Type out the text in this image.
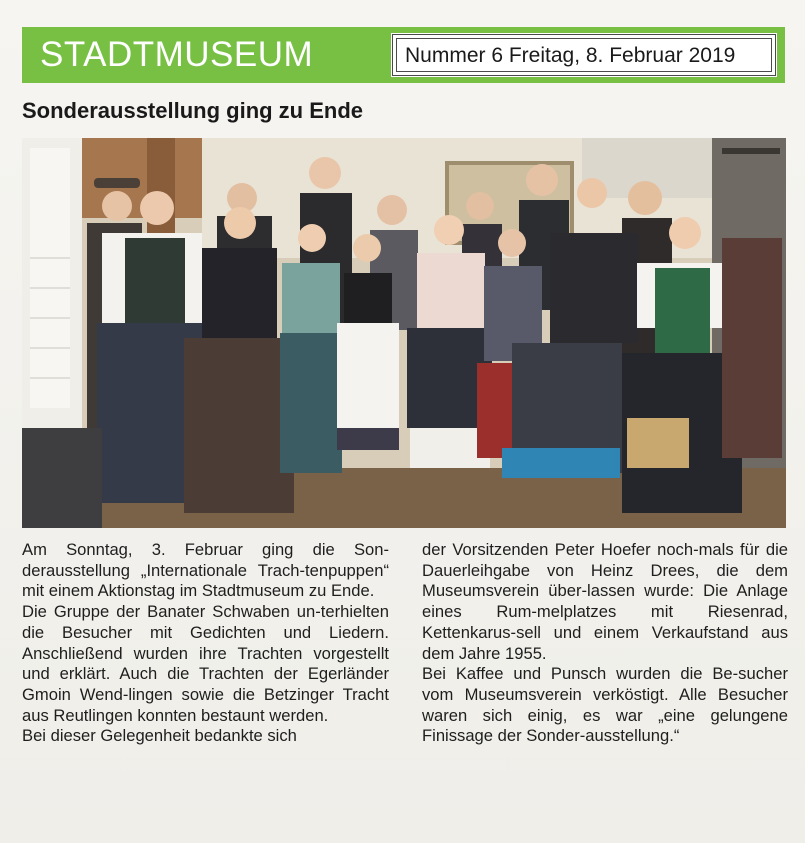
STADTMUSEUM	Nummer 6 Freitag, 8. Februar 2019
Sonderausstellung ging zu Ende

Am Sonntag, 3. Februar ging die Son-derausstellung „Internationale Trach-tenpuppen“ mit einem Aktionstag im Stadtmuseum zu Ende.

Die Gruppe der Banater Schwaben un-terhielten die Besucher mit Gedichten und Liedern. Anschließend wurden ihre Trachten vorgestellt und erklärt. Auch die Trachten der Egerländer Gmoin Wend-lingen sowie die Betzinger Tracht aus Reutlingen konnten bestaunt werden.

Bei dieser Gelegenheit bedankte sich

der Vorsitzenden Peter Hoefer noch-mals für die Dauerleihgabe von Heinz Drees, die dem Museumsverein über-lassen wurde: Die Anlage eines Rum-melplatzes mit Riesenrad, Kettenkarus-sell und einem Verkaufstand aus dem Jahre 1955.

Bei Kaffee und Punsch wurden die Be-sucher vom Museumsverein verköstigt. Alle Besucher waren sich einig, es war „eine gelungene Finissage der Sonder-ausstellung.“
